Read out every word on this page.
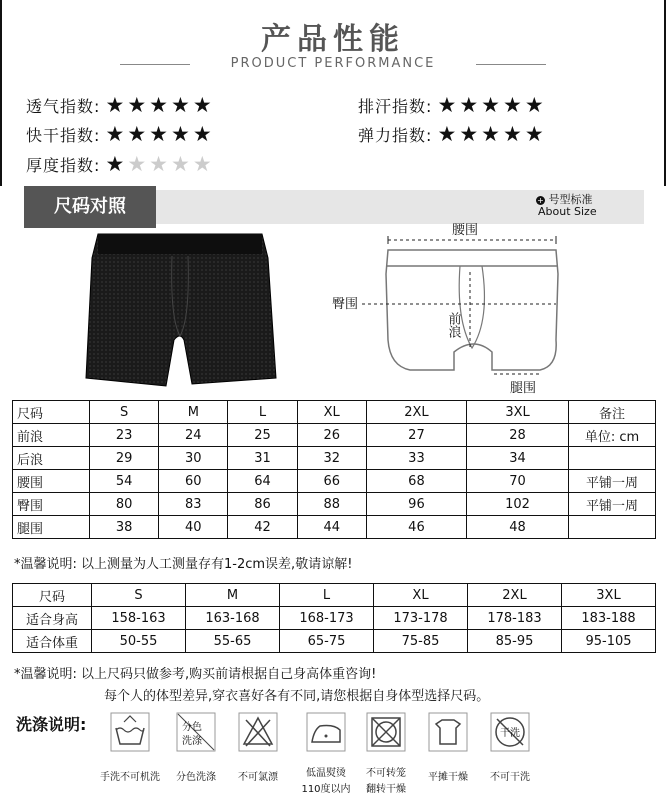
产品性能
PRODUCT PERFORMANCE
透气指数: ★★★★★	排汗指数: ★★★★★
快干指数: ★★★★★	弹力指数: ★★★★★
厚度指数: ★★★★★
尺码对照	+ 号型标准
About Size
腰围
臀围
前浪
腿围
尺码	S	M	L	XL	2XL	3XL	备注
前浪	23	24	25	26	27	28	单位: cm
后浪	29	30	31	32	33	34	
腰围	54	60	64	66	68	70	平铺一周
臀围	80	83	86	88	96	102	平铺一周
腿围	38	40	42	44	46	48	
*温馨说明: 以上测量为人工测量存有1-2cm误差,敬请谅解!
尺码	S	M	L	XL	2XL	3XL
适合身高	158-163	163-168	168-173	173-178	178-183	183-188
适合体重	50-55	55-65	65-75	75-85	85-95	95-105
*温馨说明: 以上尺码只做参考,购买前请根据自己身高体重咨询!
每个人的体型差异,穿衣喜好各有不同,请您根据自身体型选择尺码。
洗涤说明:	分色
洗涤
干洗
手洗不可机洗	分色洗涤	不可氯漂	低温熨烫
110度以内
不可转笼
翻转干燥
平摊干燥	不可干洗
